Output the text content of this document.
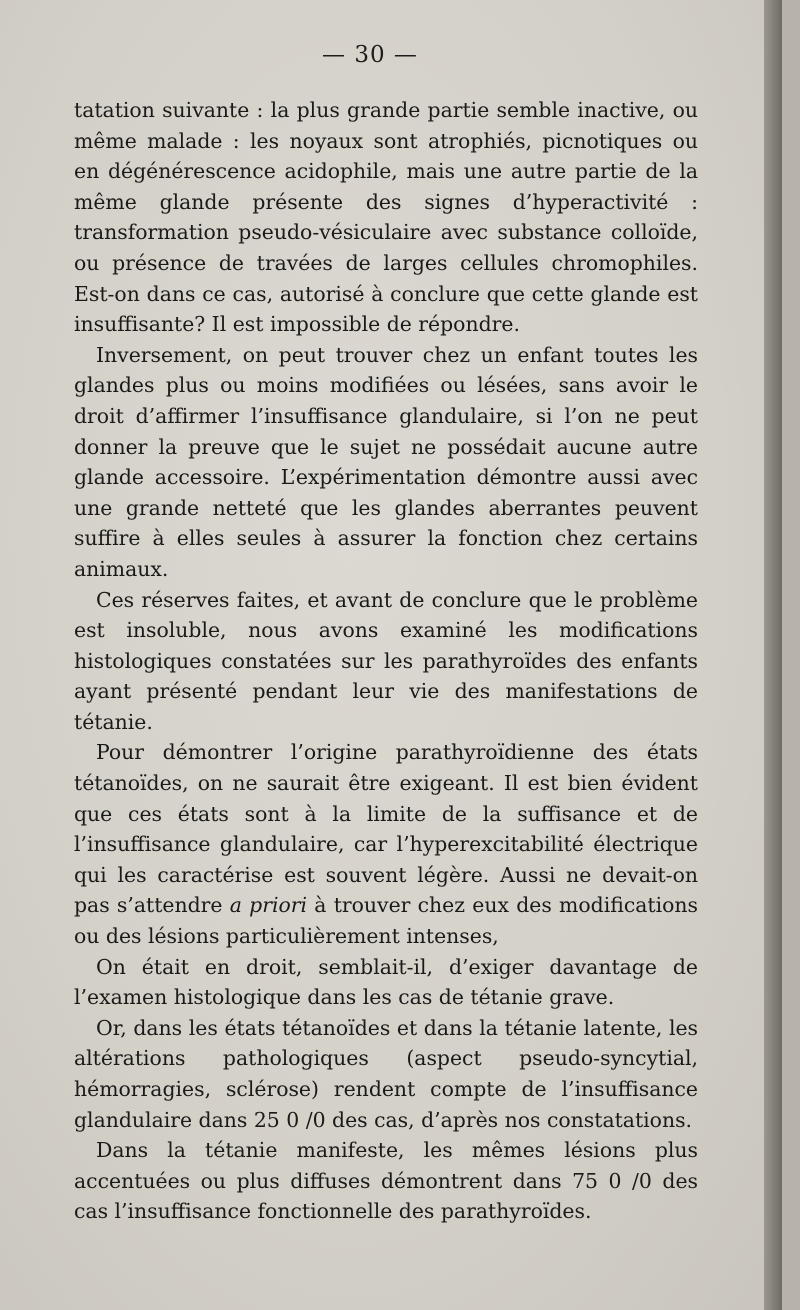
— 30 —

tatation suivante : la plus grande partie semble inactive, ou même malade : les noyaux sont atrophiés, picnotiques ou en dégénérescence acidophile, mais une autre partie de la même glande présente des signes d’hyperactivité : transformation pseudo-vésiculaire avec substance colloïde, ou présence de travées de larges cellules chromophiles. Est-on dans ce cas, autorisé à conclure que cette glande est insuffisante? Il est impossible de répondre.

Inversement, on peut trouver chez un enfant toutes les glandes plus ou moins modifiées ou lésées, sans avoir le droit d’affirmer l’insuffisance glandulaire, si l’on ne peut donner la preuve que le sujet ne possédait aucune autre glande accessoire. L’expérimentation démontre aussi avec une grande netteté que les glandes aberrantes peuvent suffire à elles seules à assurer la fonction chez certains animaux.

Ces réserves faites, et avant de conclure que le problème est insoluble, nous avons examiné les modifications histologiques constatées sur les parathyroïdes des enfants ayant présenté pendant leur vie des manifestations de tétanie.

Pour démontrer l’origine parathyroïdienne des états tétanoïdes, on ne saurait être exigeant. Il est bien évident que ces états sont à la limite de la suffisance et de l’insuffisance glandulaire, car l’hyperexcitabilité électrique qui les caractérise est souvent légère. Aussi ne devait-on pas s’attendre a priori à trouver chez eux des modifications ou des lésions particulièrement intenses,

On était en droit, semblait-il, d’exiger davantage de l’examen histologique dans les cas de tétanie grave.

Or, dans les états tétanoïdes et dans la tétanie latente, les altérations pathologiques (aspect pseudo-syncytial, hémorragies, sclérose) rendent compte de l’insuffisance glandulaire dans 25 0 /0 des cas, d’après nos constatations.

Dans la tétanie manifeste, les mêmes lésions plus accentuées ou plus diffuses démontrent dans 75 0 /0 des cas l’insuffisance fonctionnelle des parathyroïdes.
